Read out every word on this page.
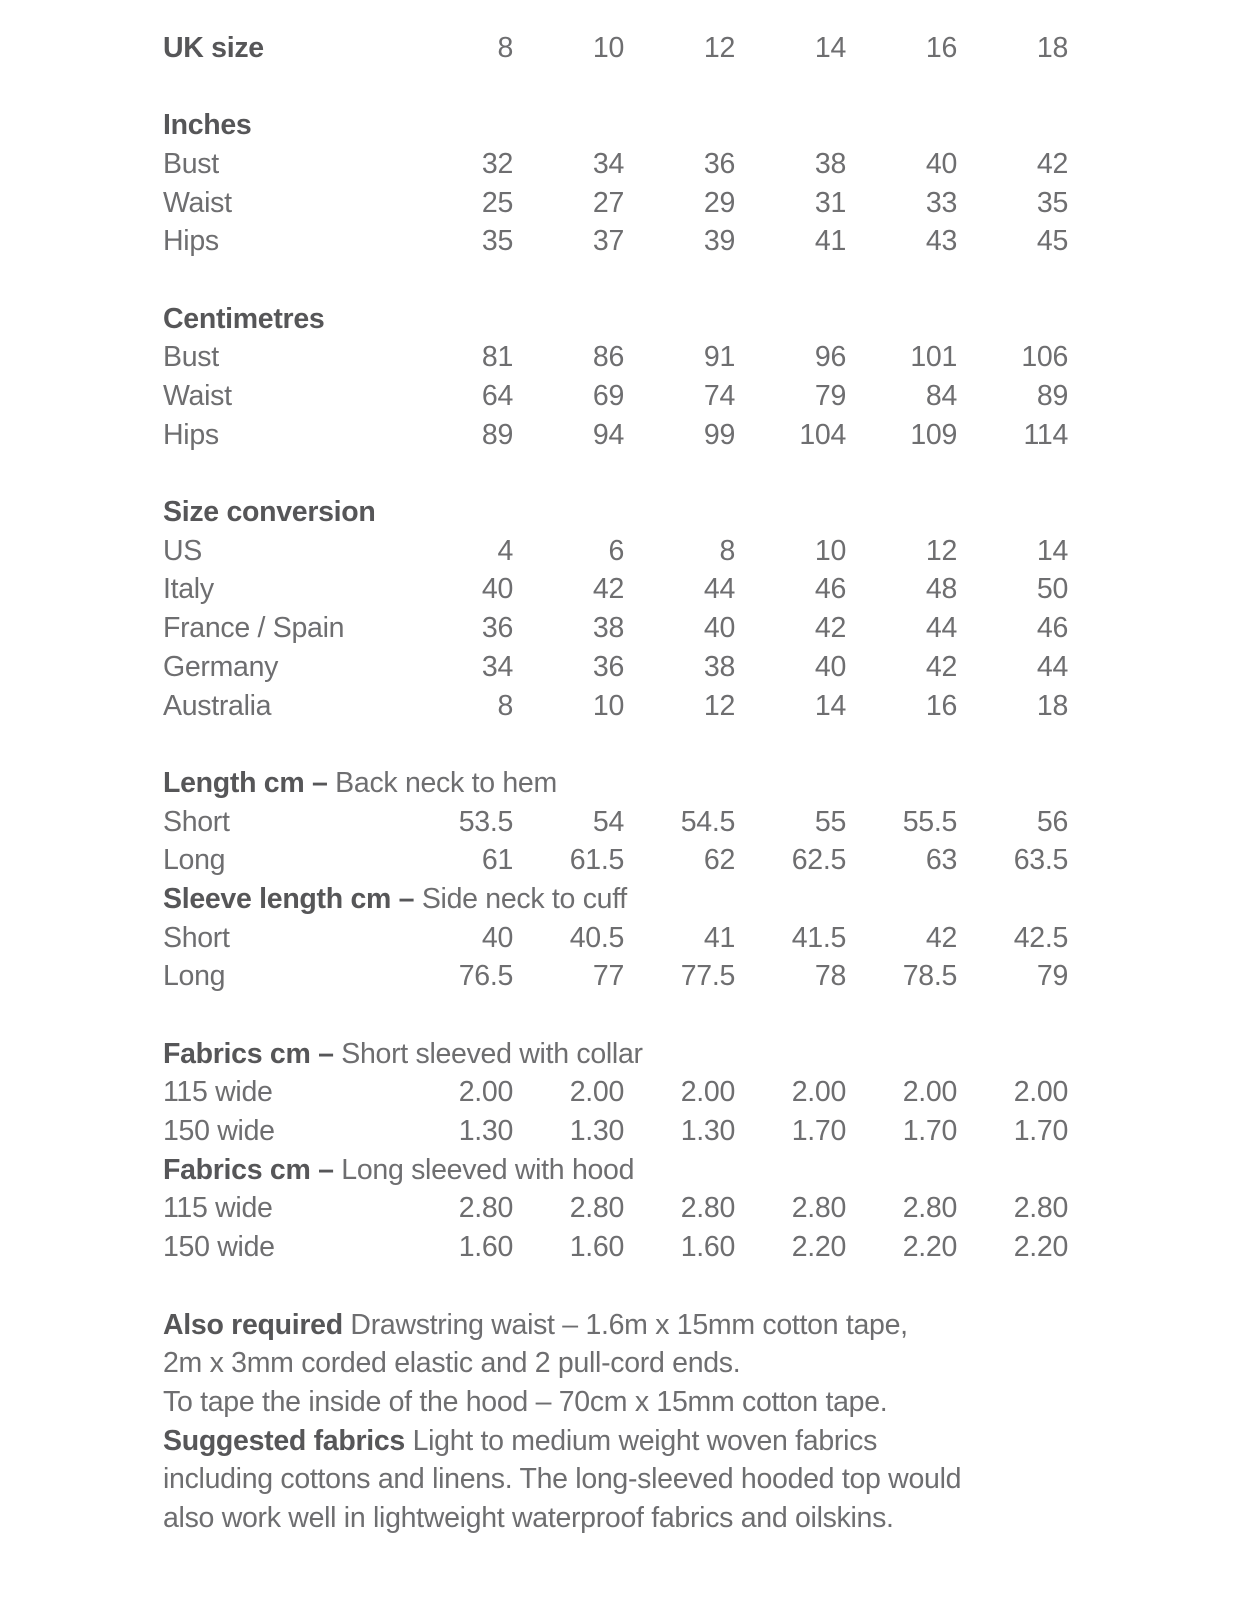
UK size	8	10	12	14	16	18
Inches
Bust	32	34	36	38	40	42
Waist	25	27	29	31	33	35
Hips	35	37	39	41	43	45
Centimetres
Bust	81	86	91	96	101	106
Waist	64	69	74	79	84	89
Hips	89	94	99	104	109	114
Size conversion
US	4	6	8	10	12	14
Italy	40	42	44	46	48	50
France / Spain	36	38	40	42	44	46
Germany	34	36	38	40	42	44
Australia	8	10	12	14	16	18
Length cm – Back neck to hem
Short	53.5	54	54.5	55	55.5	56
Long	61	61.5	62	62.5	63	63.5
Sleeve length cm – Side neck to cuff
Short	40	40.5	41	41.5	42	42.5
Long	76.5	77	77.5	78	78.5	79
Fabrics cm – Short sleeved with collar
115 wide	2.00	2.00	2.00	2.00	2.00	2.00
150 wide	1.30	1.30	1.30	1.70	1.70	1.70
Fabrics cm – Long sleeved with hood
115 wide	2.80	2.80	2.80	2.80	2.80	2.80
150 wide	1.60	1.60	1.60	2.20	2.20	2.20
Also required Drawstring waist – 1.6m x 15mm cotton tape,
2m x 3mm corded elastic and 2 pull-cord ends.
To tape the inside of the hood – 70cm x 15mm cotton tape.
Suggested fabrics Light to medium weight woven fabrics
including cottons and linens. The long-sleeved hooded top would
also work well in lightweight waterproof fabrics and oilskins.
